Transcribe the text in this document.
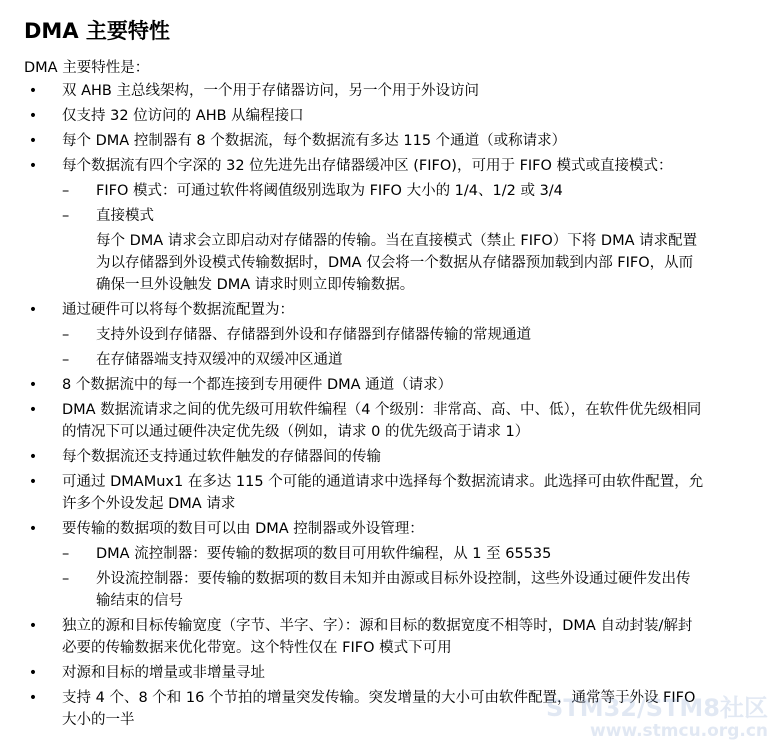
DMA 主要特性
DMA 主要特性是：
• 双 AHB 主总线架构，一个用于存储器访问，另一个用于外设访问
• 仅支持 32 位访问的 AHB 从编程接口
• 每个 DMA 控制器有 8 个数据流，每个数据流有多达 115 个通道（或称请求）
• 每个数据流有四个字深的 32 位先进先出存储器缓冲区 (FIFO)，可用于 FIFO 模式或直接模式：
–	FIFO 模式：可通过软件将阈值级别选取为 FIFO 大小的 1/4、1/2 或 3/4
–	直接模式
每个 DMA 请求会立即启动对存储器的传输。当在直接模式（禁止 FIFO）下将 DMA 请求配置为以存储器到外设模式传输数据时，DMA 仅会将一个数据从存储器预加载到内部 FIFO，从而确保一旦外设触发 DMA 请求时则立即传输数据。
• 通过硬件可以将每个数据流配置为：
–	支持外设到存储器、存储器到外设和存储器到存储器传输的常规通道
–	在存储器端支持双缓冲的双缓冲区通道
• 8 个数据流中的每一个都连接到专用硬件 DMA 通道（请求）
• DMA 数据流请求之间的优先级可用软件编程（4 个级别：非常高、高、中、低），在软件优先级相同的情况下可以通过硬件决定优先级（例如，请求 0 的优先级高于请求 1）
• 每个数据流还支持通过软件触发的存储器间的传输
• 可通过 DMAMux1 在多达 115 个可能的通道请求中选择每个数据流请求。此选择可由软件配置，允许多个外设发起 DMA 请求
• 要传输的数据项的数目可以由 DMA 控制器或外设管理：
–	DMA 流控制器：要传输的数据项的数目可用软件编程，从 1 至 65535
–	外设流控制器：要传输的数据项的数目未知并由源或目标外设控制，这些外设通过硬件发出传输结束的信号
• 独立的源和目标传输宽度（字节、半字、字）：源和目标的数据宽度不相等时，DMA 自动封装/解封必要的传输数据来优化带宽。这个特性仅在 FIFO 模式下可用
• 对源和目标的增量或非增量寻址
• 支持 4 个、8 个和 16 个节拍的增量突发传输。突发增量的大小可由软件配置，通常等于外设 FIFO 大小的一半	STM32/STM8社区
www.stmcu.org.cn
